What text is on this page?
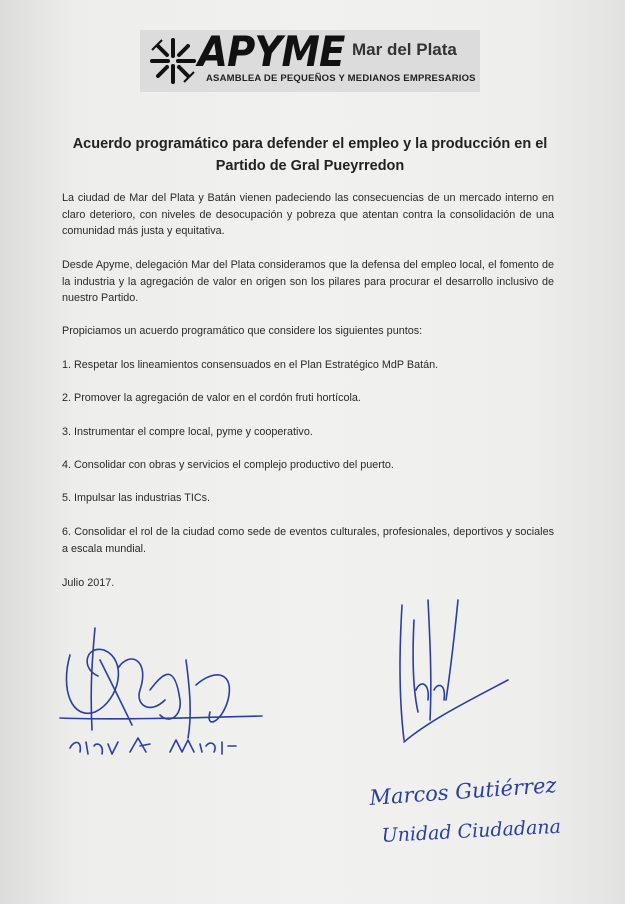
APYME Mar del Plata
ASAMBLEA DE PEQUEÑOS Y MEDIANOS EMPRESARIOS
Acuerdo programático para defender el empleo y la producción en el
Partido de Gral Pueyrredon
La ciudad de Mar del Plata y Batán vienen padeciendo las consecuencias de un mercado interno en claro deterioro, con niveles de desocupación y pobreza que atentan contra la consolidación de una comunidad más justa y equitativa.
Desde Apyme, delegación Mar del Plata consideramos que la defensa del empleo local, el fomento de la industria y la agregación de valor en origen son los pilares para procurar el desarrollo inclusivo de nuestro Partido.
Propiciamos un acuerdo programático que considere los siguientes puntos:
1. Respetar los lineamientos consensuados en el Plan Estratégico MdP Batán.
2. Promover la agregación de valor en el cordón fruti hortícola.
3. Instrumentar el compre local, pyme y cooperativo.
4. Consolidar con obras y servicios el complejo productivo del puerto.
5. Impulsar las industrias TICs.
6. Consolidar el rol de la ciudad como sede de eventos culturales, profesionales, deportivos y sociales a escala mundial.
Julio 2017.
Marcos Gutiérrez
Unidad Ciudadana
Cirre Vi Marini
